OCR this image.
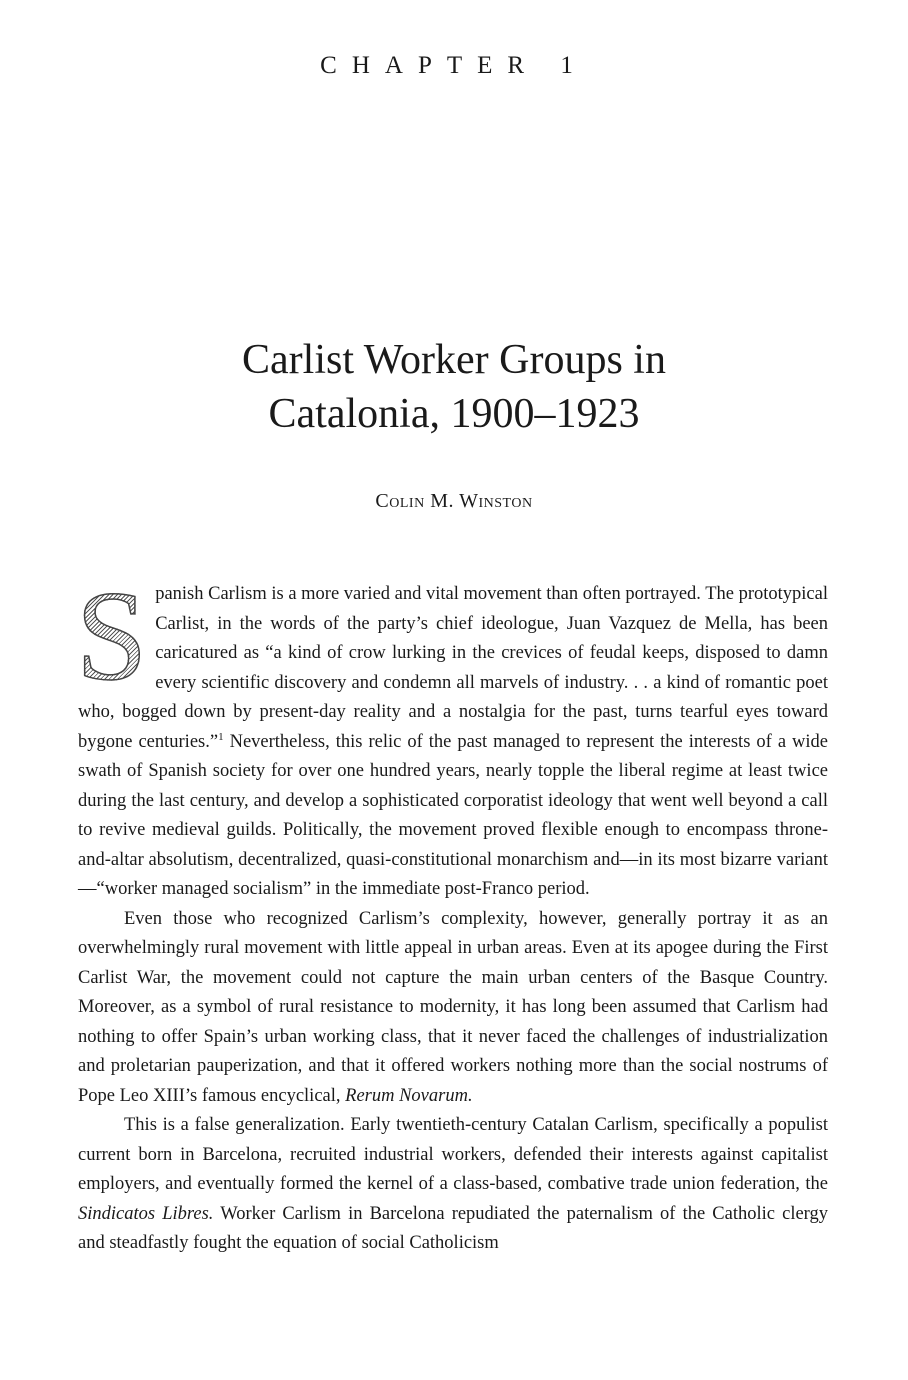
CHAPTER 1
Carlist Worker Groups in
Catalonia, 1900–1923
Colin M. Winston

S panish Carlism is a more varied and vital movement than often portrayed. The prototypical Carlist, in the words of the party’s chief ideologue, Juan Vazquez de Mella, has been caricatured as “a kind of crow lurking in the crevices of feudal keeps, disposed to damn every scientific discovery and condemn all marvels of industry. . . a kind of romantic poet who, bogged down by present-day reality and a nostalgia for the past, turns tearful eyes toward bygone centuries.”$^1$ Nevertheless, this relic of the past managed to represent the interests of a wide swath of Spanish society for over one hundred years, nearly topple the liberal regime at least twice during the last century, and develop a sophisticated corporatist ideology that went well beyond a call to revive medieval guilds. Politically, the movement proved flexible enough to encompass throne-and-altar absolutism, decentralized, quasi-constitutional monarchism and—in its most bizarre variant—“worker managed socialism” in the immediate post-Franco period.

Even those who recognized Carlism’s complexity, however, generally portray it as an overwhelmingly rural movement with little appeal in urban areas. Even at its apogee during the First Carlist War, the movement could not capture the main urban centers of the Basque Country. Moreover, as a symbol of rural resistance to modernity, it has long been assumed that Carlism had nothing to offer Spain’s urban working class, that it never faced the challenges of industrialization and proletarian pauperization, and that it offered workers nothing more than the social nostrums of Pope Leo XIII’s famous encyclical, Rerum Novarum.

This is a false generalization. Early twentieth-century Catalan Carlism, specifically a populist current born in Barcelona, recruited industrial workers, defended their interests against capitalist employers, and eventually formed the kernel of a class-based, combative trade union federation, the Sindicatos Libres. Worker Carlism in Barcelona repudiated the paternalism of the Catholic clergy and steadfastly fought the equation of social Catholicism
